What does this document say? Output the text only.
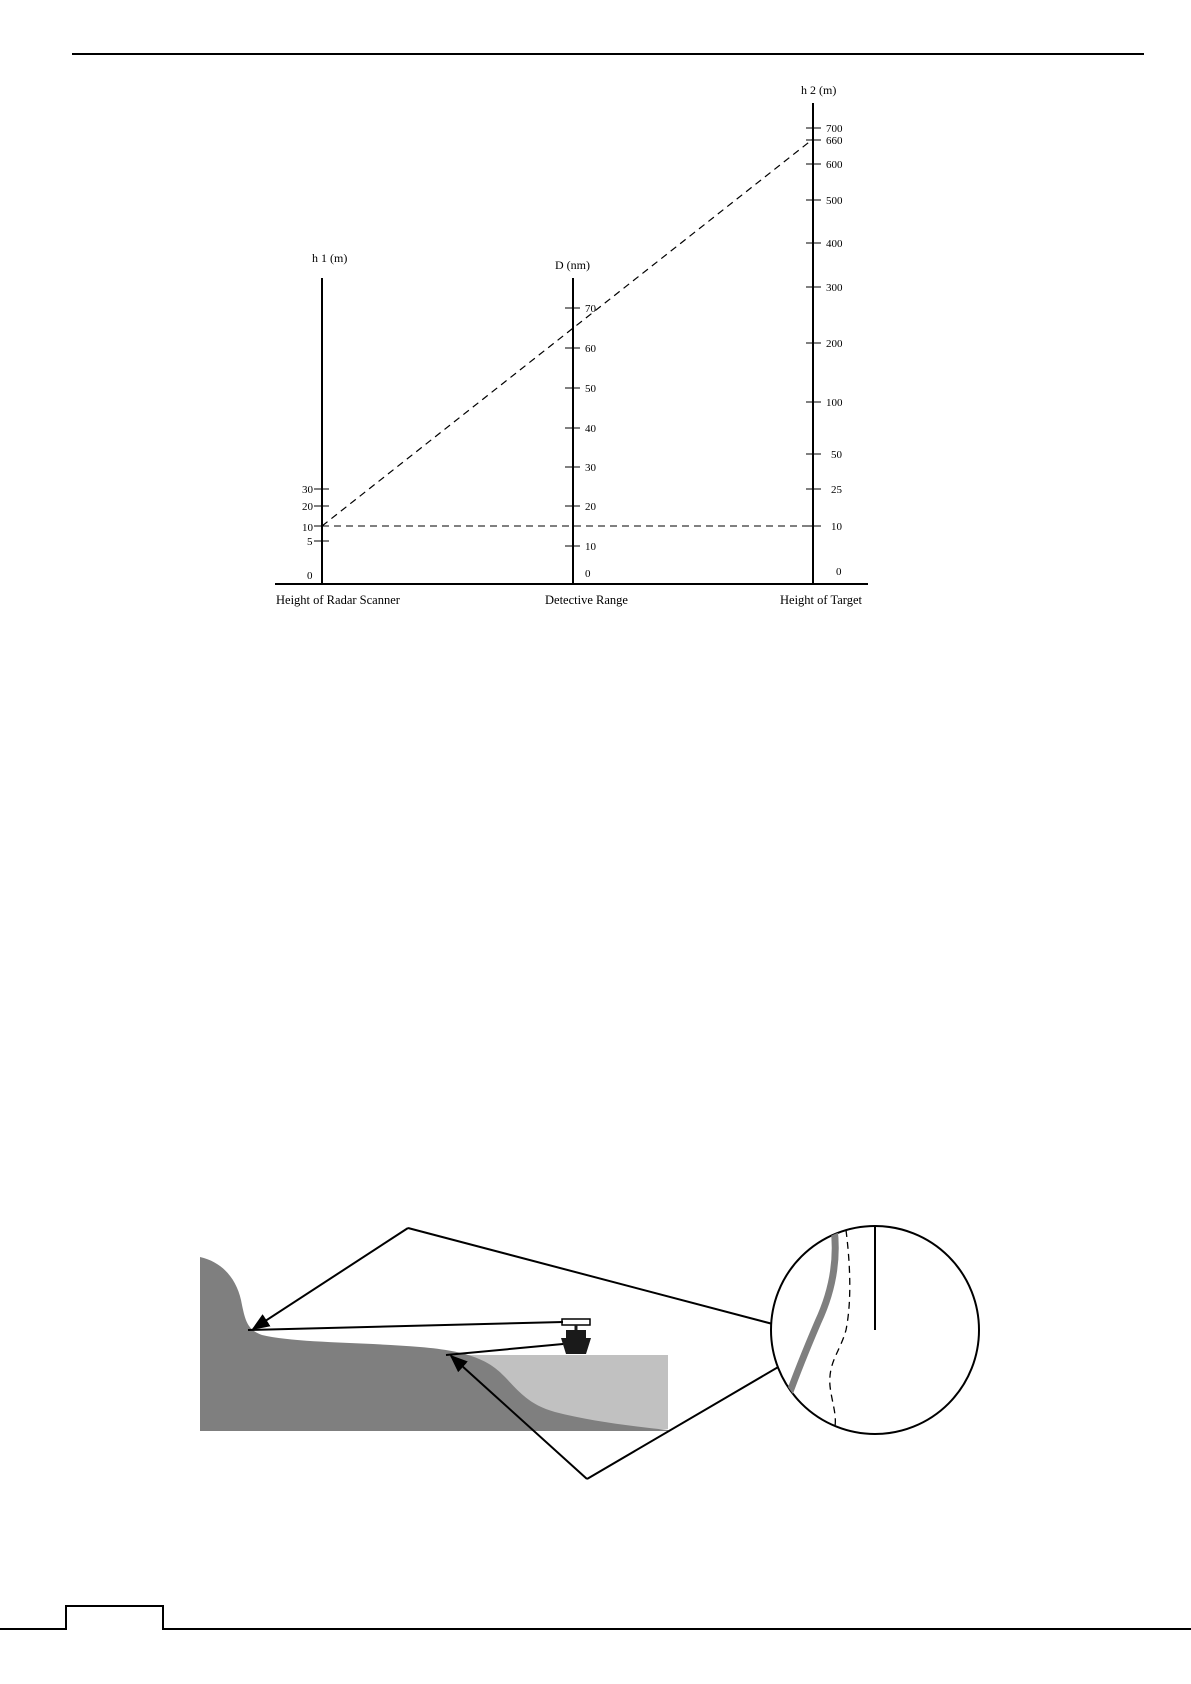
h 1 (m)	D (nm)
h 2 (m)
0
5
10
20
30
0
10
20
30
40
50
60
70
0
10
25
50
100
200
300
400
500
600
660
700
Height of Radar Scanner	Detective Range	Height of Target
